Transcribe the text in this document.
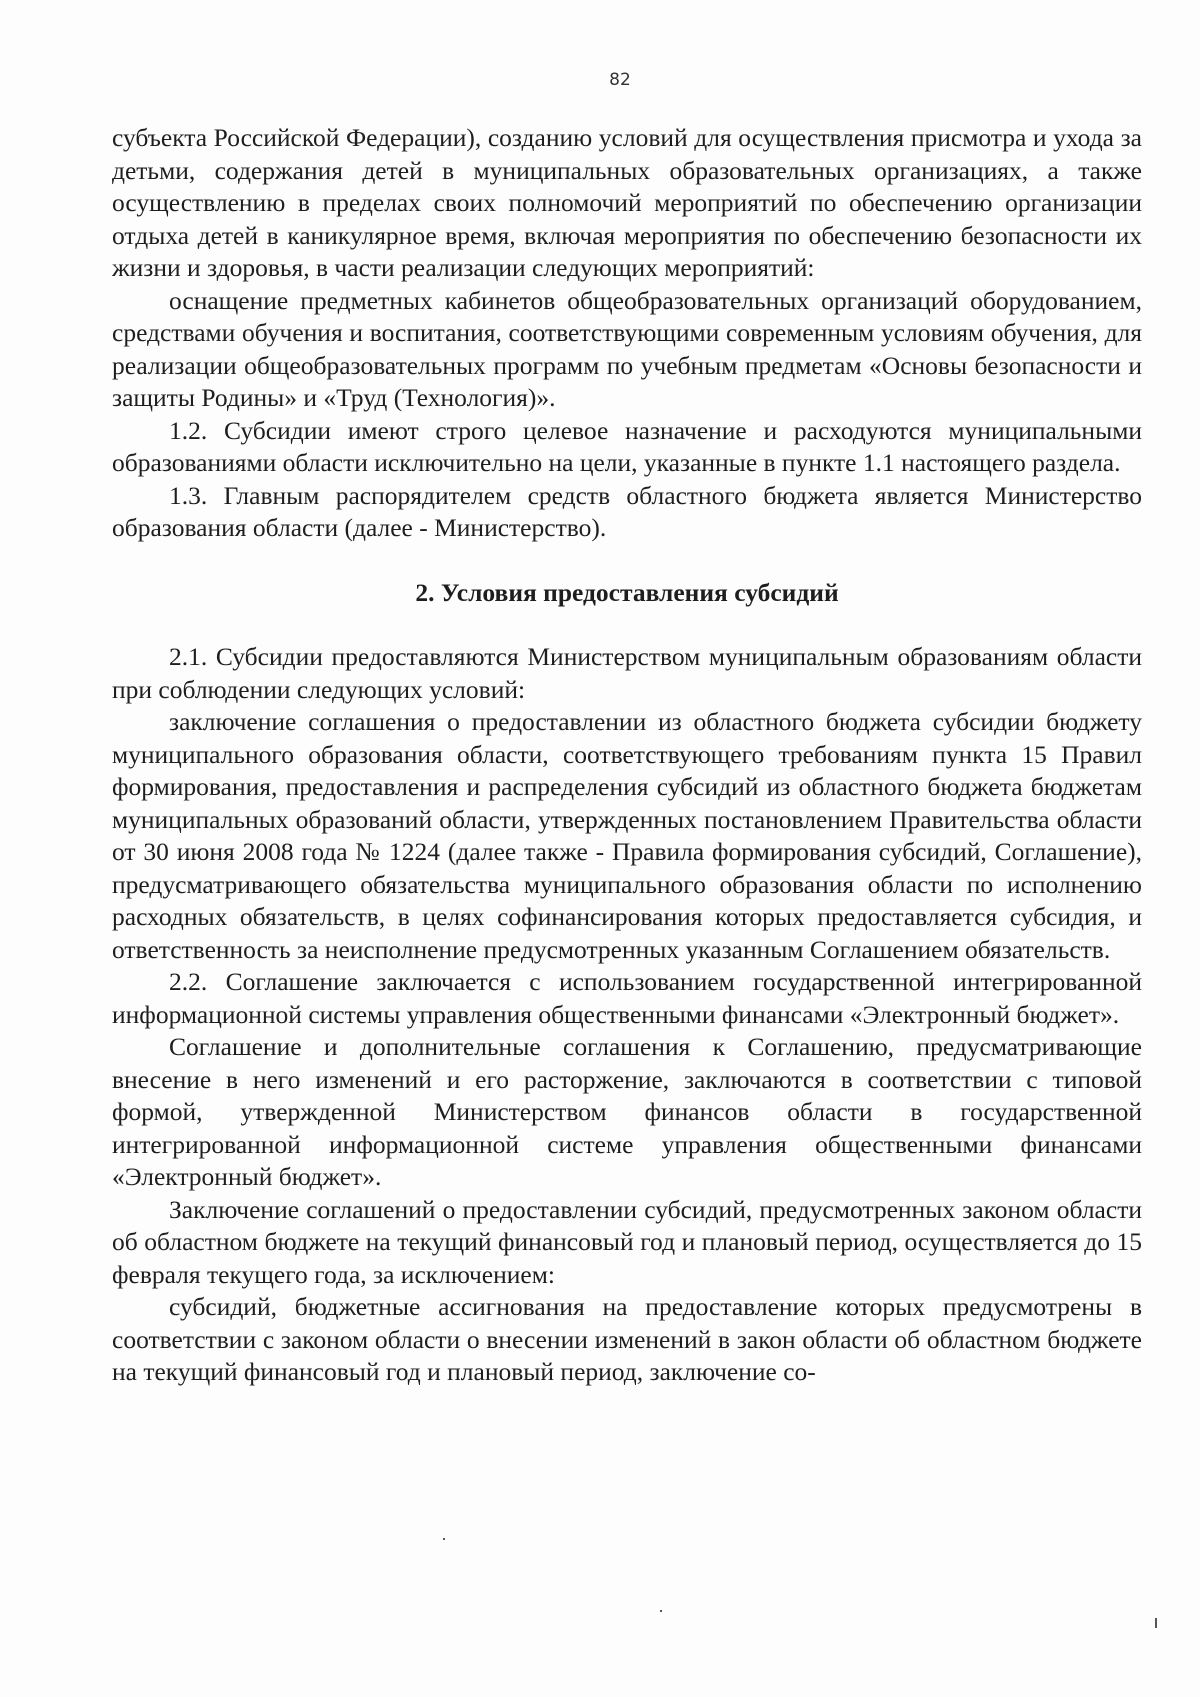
82

субъекта Российской Федерации), созданию условий для осуществления присмотра и ухода за детьми, содержания детей в муниципальных образовательных организациях, а также осуществлению в пределах своих полномочий мероприятий по обеспечению организации отдыха детей в каникулярное время, включая мероприятия по обеспечению безопасности их жизни и здоровья, в части реализации следующих мероприятий:

оснащение предметных кабинетов общеобразовательных организаций оборудованием, средствами обучения и воспитания, соответствующими современным условиям обучения, для реализации общеобразовательных программ по учебным предметам «Основы безопасности и защиты Родины» и «Труд (Технология)».

1.2. Субсидии имеют строго целевое назначение и расходуются муниципальными образованиями области исключительно на цели, указанные в пункте 1.1 настоящего раздела.

1.3. Главным распорядителем средств областного бюджета является Министерство образования области (далее - Министерство).

2. Условия предоставления субсидий

2.1. Субсидии предоставляются Министерством муниципальным образованиям области при соблюдении следующих условий:

заключение соглашения о предоставлении из областного бюджета субсидии бюджету муниципального образования области, соответствующего требованиям пункта 15 Правил формирования, предоставления и распределения субсидий из областного бюджета бюджетам муниципальных образований области, утвержденных постановлением Правительства области от 30 июня 2008 года № 1224 (далее также - Правила формирования субсидий, Соглашение), предусматривающего обязательства муниципального образования области по исполнению расходных обязательств, в целях софинансирования которых предоставляется субсидия, и ответственность за неисполнение предусмотренных указанным Соглашением обязательств.

2.2. Соглашение заключается с использованием государственной интегрированной информационной системы управления общественными финансами «Электронный бюджет».

Соглашение и дополнительные соглашения к Соглашению, предусматривающие внесение в него изменений и его расторжение, заключаются в соответствии с типовой формой, утвержденной Министерством финансов области в государственной интегрированной информационной системе управления общественными финансами «Электронный бюджет».

Заключение соглашений о предоставлении субсидий, предусмотренных законом области об областном бюджете на текущий финансовый год и плановый период, осуществляется до 15 февраля текущего года, за исключением:

субсидий, бюджетные ассигнования на предоставление которых предусмотрены в соответствии с законом области о внесении изменений в закон области об областном бюджете на текущий финансовый год и плановый период, заключение со-
